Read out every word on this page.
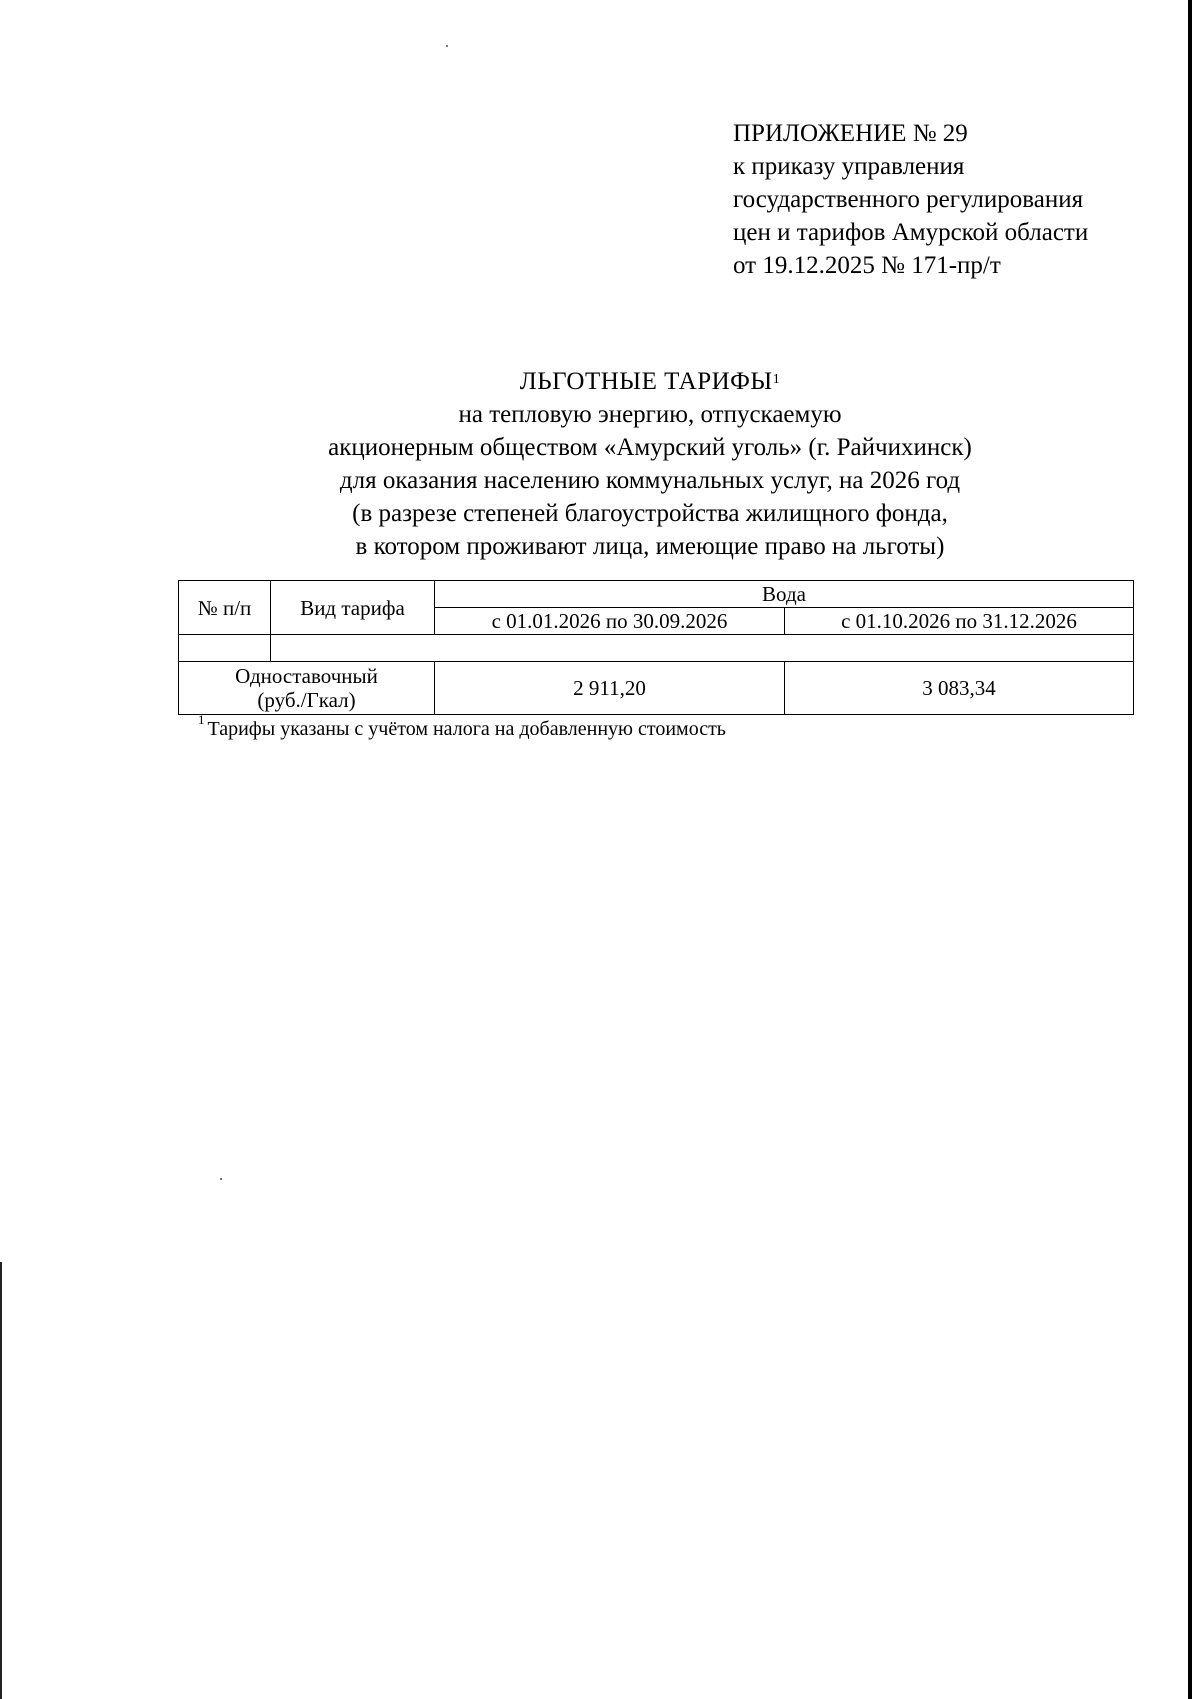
ПРИЛОЖЕНИЕ № 29
к приказу управления
государственного регулирования
цен и тарифов Амурской области
от 19.12.2025 № 171-пр/т
ЛЬГОТНЫЕ ТАРИФЫ$^1$
на тепловую энергию, отпускаемую
акционерным обществом «Амурский уголь» (г. Райчихинск)
для оказания населению коммунальных услуг, на 2026 год
(в разрезе степеней благоустройства жилищного фонда,
в котором проживают лица, имеющие право на льготы)
№ п/п	Вид тарифа	Вода	
		с 01.01.2026 по 30.09.2026	с 01.10.2026 по 31.12.2026

Одноставочный
(руб./Гкал)		2 911,20	3 083,34
$^1$ Тарифы указаны с учётом налога на добавленную стоимость
